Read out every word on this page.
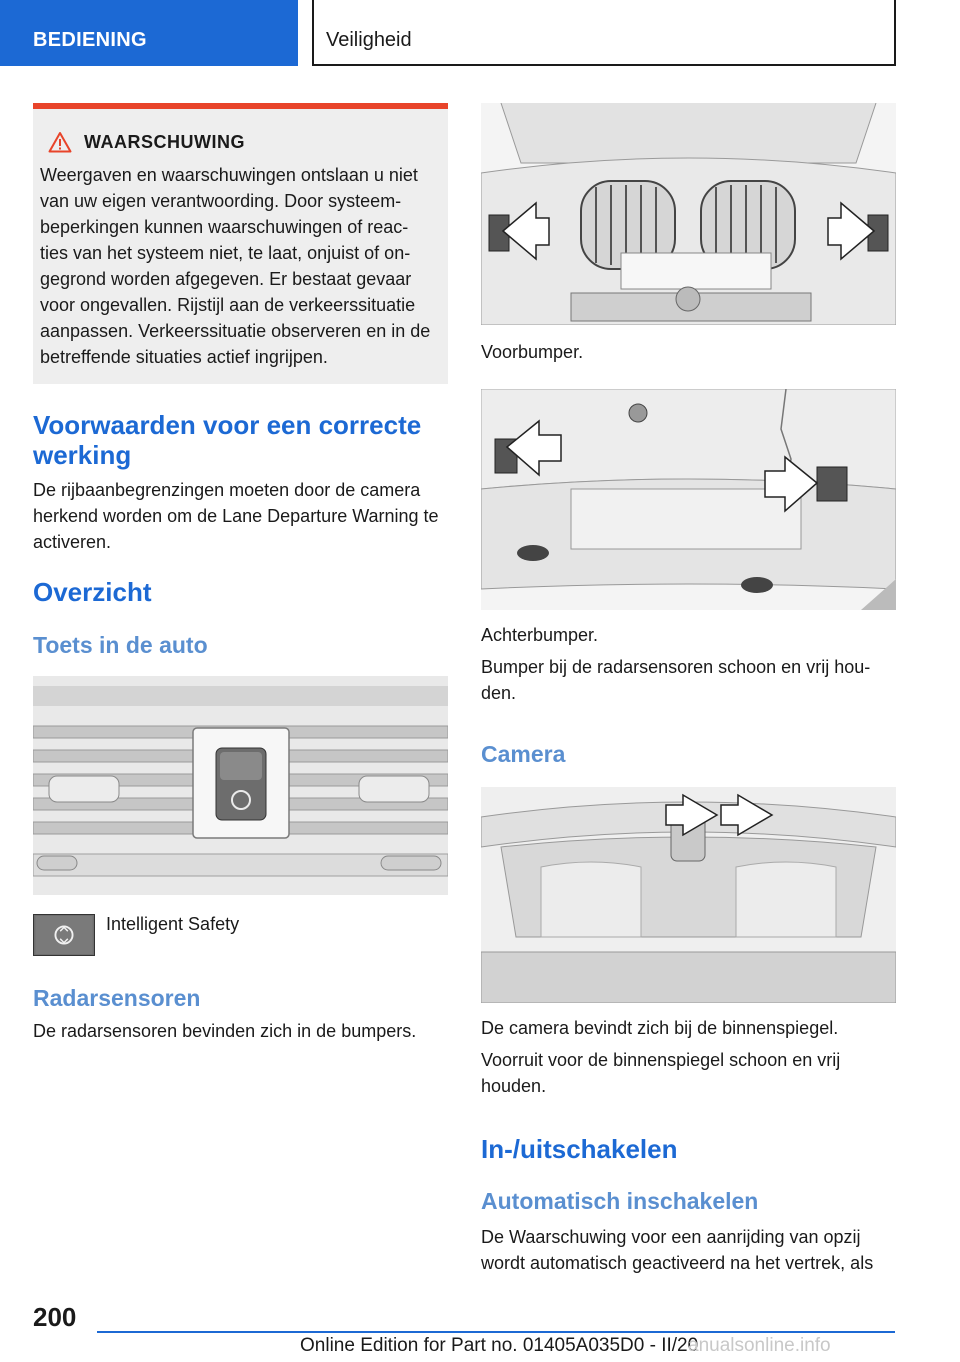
BEDIENING	Veiligheid
WAARSCHUWING
Weergaven en waarschuwingen ontslaan u niet van uw eigen verantwoording. Door systeem- beperkingen kunnen waarschuwingen of reac- ties van het systeem niet, te laat, onjuist of on- gegrond worden afgegeven. Er bestaat gevaar voor ongevallen. Rijstijl aan de verkeerssituatie aanpassen. Verkeerssituatie observeren en in de betreffende situaties actief ingrijpen.
Voorwaarden voor een correcte werking

De rijbaanbegrenzingen moeten door de camera herkend worden om de Lane Departure Warning te activeren.

Overzicht
Toets in de auto

Intelligent Safety

Radarsensoren

De radarsensoren bevinden zich in de bumpers.

Voorbumper.

Achterbumper.

Bumper bij de radarsensoren schoon en vrij hou- den.

Camera

De camera bevindt zich bij de binnenspiegel.

Voorruit voor de binnenspiegel schoon en vrij houden.

In-/uitschakelen
Automatisch inschakelen

De Waarschuwing voor een aanrijding van opzij wordt automatisch geactiveerd na het vertrek, als

200
Online Edition for Part no. 01405A035D0 - II/20
anualsonline.info
